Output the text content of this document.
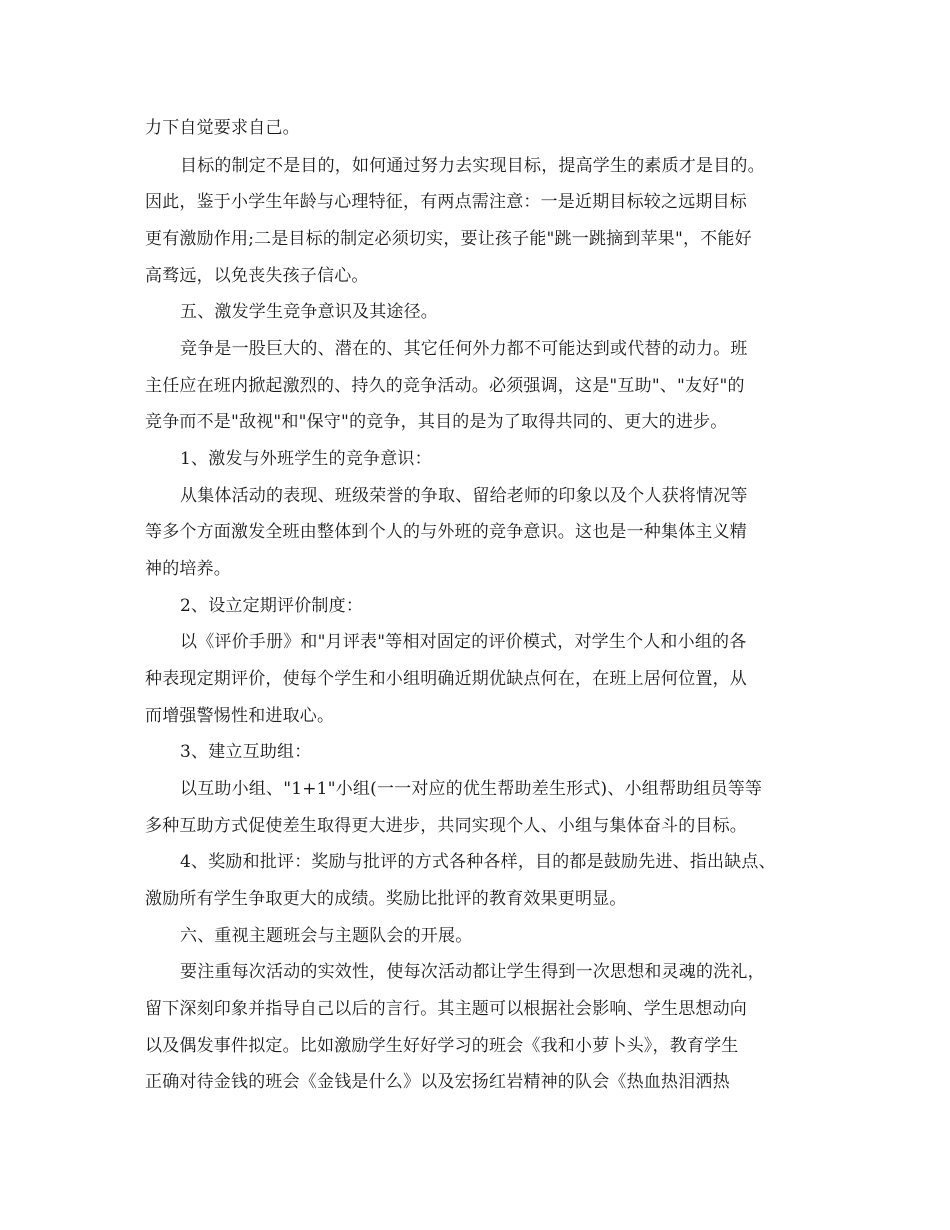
力下自觉要求自己。
目标的制定不是目的，如何通过努力去实现目标，提高学生的素质才是目的。
因此，鉴于小学生年龄与心理特征，有两点需注意：一是近期目标较之远期目标
更有激励作用;二是目标的制定必须切实，要让孩子能"跳一跳摘到苹果"，不能好
高骛远，以免丧失孩子信心。
五、激发学生竞争意识及其途径。
竞争是一股巨大的、潜在的、其它任何外力都不可能达到或代替的动力。班
主任应在班内掀起激烈的、持久的竞争活动。必须强调，这是"互助"、"友好"的
竞争而不是"敌视"和"保守"的竞争，其目的是为了取得共同的、更大的进步。
1、激发与外班学生的竞争意识：
从集体活动的表现、班级荣誉的争取、留给老师的印象以及个人获将情况等
等多个方面激发全班由整体到个人的与外班的竞争意识。这也是一种集体主义精
神的培养。
2、设立定期评价制度：
以《评价手册》和"月评表"等相对固定的评价模式，对学生个人和小组的各
种表现定期评价，使每个学生和小组明确近期优缺点何在，在班上居何位置，从
而增强警惕性和进取心。
3、建立互助组：
以互助小组、"1+1"小组(一一对应的优生帮助差生形式)、小组帮助组员等等
多种互助方式促使差生取得更大进步，共同实现个人、小组与集体奋斗的目标。
4、奖励和批评：奖励与批评的方式各种各样，目的都是鼓励先进、指出缺点、
激励所有学生争取更大的成绩。奖励比批评的教育效果更明显。
六、重视主题班会与主题队会的开展。
要注重每次活动的实效性，使每次活动都让学生得到一次思想和灵魂的洗礼，
留下深刻印象并指导自己以后的言行。其主题可以根据社会影响、学生思想动向
以及偶发事件拟定。比如激励学生好好学习的班会《我和小萝卜头》，教育学生
正确对待金钱的班会《金钱是什么》以及宏扬红岩精神的队会《热血热泪洒热
